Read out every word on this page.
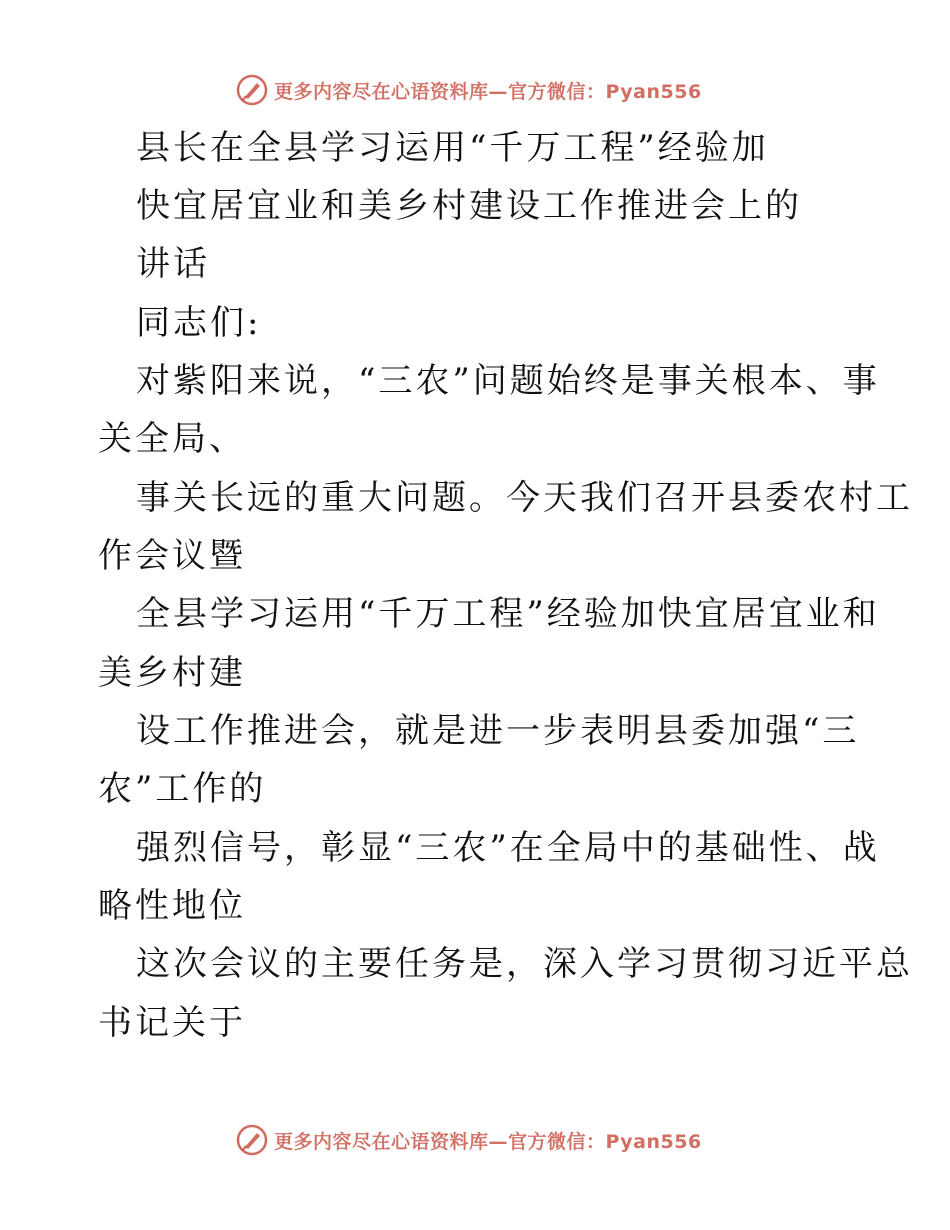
更多内容尽在心语资料库—官方微信：Pyan556
县长在全县学习运用“千万工程”经验加
快宜居宜业和美乡村建设工作推进会上的
讲话
同志们:
对紫阳来说，“三农”问题始终是事关根本、事
关全局、
事关长远的重大问题。今天我们召开县委农村工
作会议暨
全县学习运用“千万工程”经验加快宜居宜业和
美乡村建
设工作推进会，就是进一步表明县委加强“三
农”工作的
强烈信号，彰显“三农”在全局中的基础性、战
略性地位
这次会议的主要任务是，深入学习贯彻习近平总
书记关于
更多内容尽在心语资料库—官方微信：Pyan556
